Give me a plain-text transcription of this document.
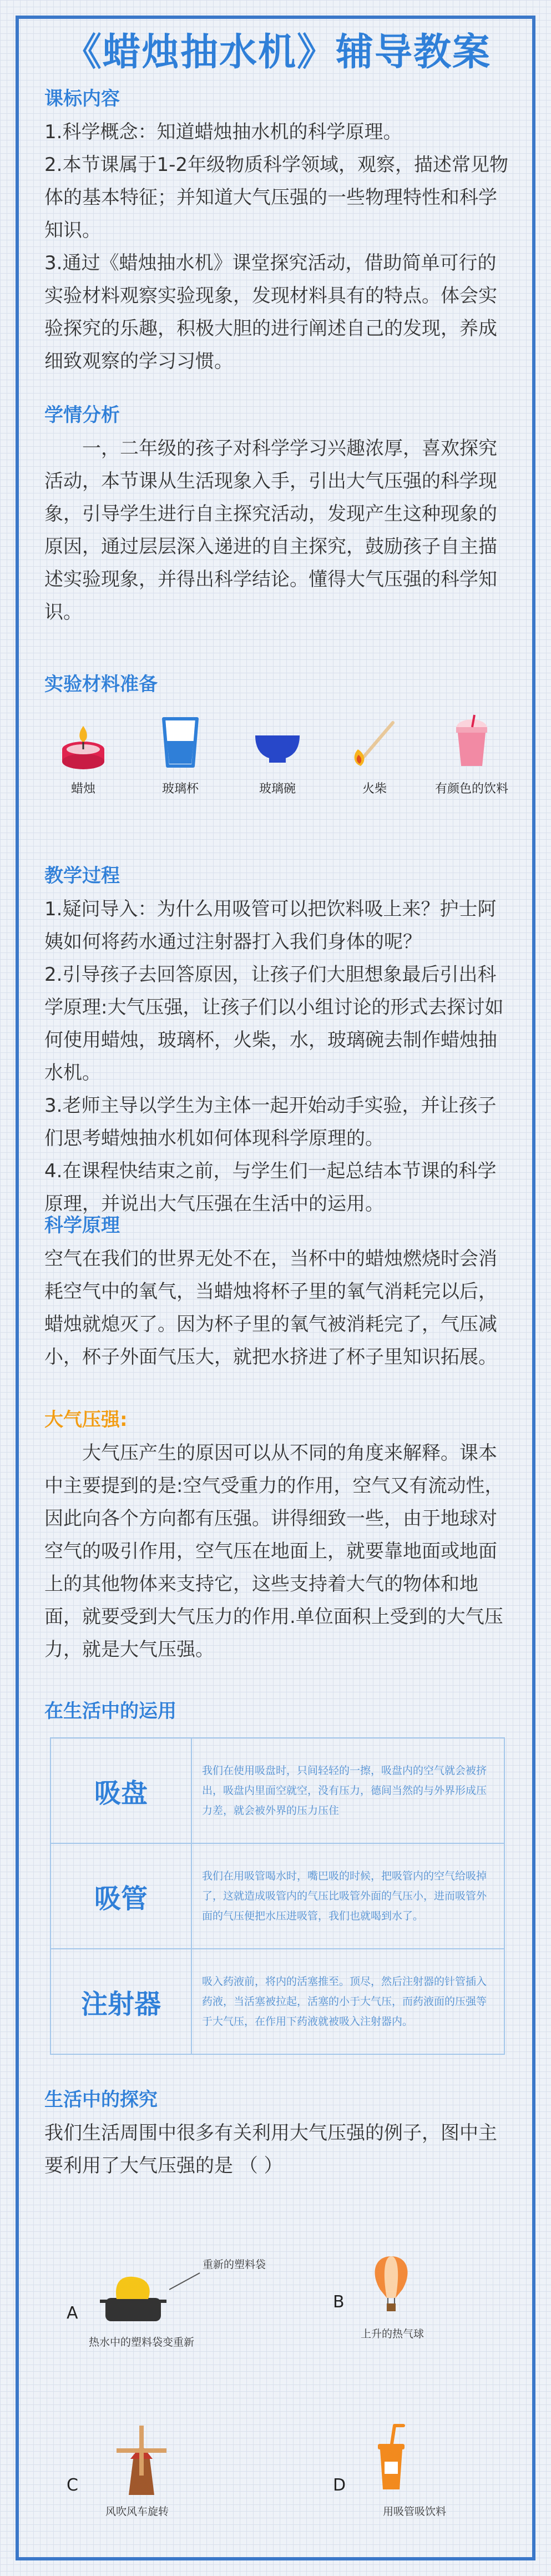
《蜡烛抽水机》辅导教案
课标内容

1.科学概念：知道蜡烛抽水机的科学原理。

2.本节课属于1-2年级物质科学领域，观察，描述常见物体的基本特征；并知道大气压强的一些物理特性和科学知识。

3.通过《蜡烛抽水机》课堂探究活动，借助简单可行的实验材料观察实验现象，发现材料具有的特点。体会实验探究的乐趣，积极大胆的进行阐述自己的发现，养成细致观察的学习习惯。

学情分析

一，二年级的孩子对科学学习兴趣浓厚，喜欢探究活动，本节课从生活现象入手，引出大气压强的科学现象，引导学生进行自主探究活动，发现产生这种现象的原因，通过层层深入递进的自主探究，鼓励孩子自主描述实验现象，并得出科学结论。懂得大气压强的科学知识。

实验材料准备
蜡烛	玻璃杯	玻璃碗	火柴	有颜色的饮料
教学过程

1.疑问导入：为什么用吸管可以把饮料吸上来？护士阿姨如何将药水通过注射器打入我们身体的呢？

2.引导孩子去回答原因，让孩子们大胆想象最后引出科学原理:大气压强，让孩子们以小组讨论的形式去探讨如何使用蜡烛，玻璃杯，火柴，水，玻璃碗去制作蜡烛抽水机。

3.老师主导以学生为主体一起开始动手实验，并让孩子们思考蜡烛抽水机如何体现科学原理的。

4.在课程快结束之前，与学生们一起总结本节课的科学原理，并说出大气压强在生活中的运用。

科学原理

空气在我们的世界无处不在，当杯中的蜡烛燃烧时会消耗空气中的氧气，当蜡烛将杯子里的氧气消耗完以后，蜡烛就熄灭了。因为杯子里的氧气被消耗完了，气压减小，杯子外面气压大，就把水挤进了杯子里知识拓展。

大气压强:

大气压产生的原因可以从不同的角度来解释。课本中主要提到的是:空气受重力的作用，空气又有流动性，因此向各个方向都有压强。讲得细致一些，由于地球对空气的吸引作用，空气压在地面上，就要靠地面或地面上的其他物体来支持它，这些支持着大气的物体和地面，就要受到大气压力的作用.单位面积上受到的大气压力，就是大气压强。

在生活中的运用
吸盘	我们在使用吸盘时，只间轻轻的一擦，吸盘内的空气就会被挤出，吸盘内里面空就空，没有压力，德间当然的与外界形成压力差，就会被外界的压力压住
吸管	我们在用吸管喝水时，嘴巴吸的时候，把吸管内的空气给吸掉了，这就造成吸管内的气压比吸管外面的气压小，进而吸管外面的气压便把水压进吸管，我们也就喝到水了。
注射器	吸入药液前，将内的活塞推至。顶尽，然后注射器的针管插入药液，当活塞被拉起，活塞的小于大气压，而药液面的压强等于大气压，在作用下药液就被吸入注射器内。
生活中的探究

我们生活周围中很多有关利用大气压强的例子，图中主要利用了大气压强的是 （ ）

A
重新的塑料袋
热水中的塑料袋变重新
B
上升的热气球
C
风吹风车旋转
D
用吸管吸饮料
